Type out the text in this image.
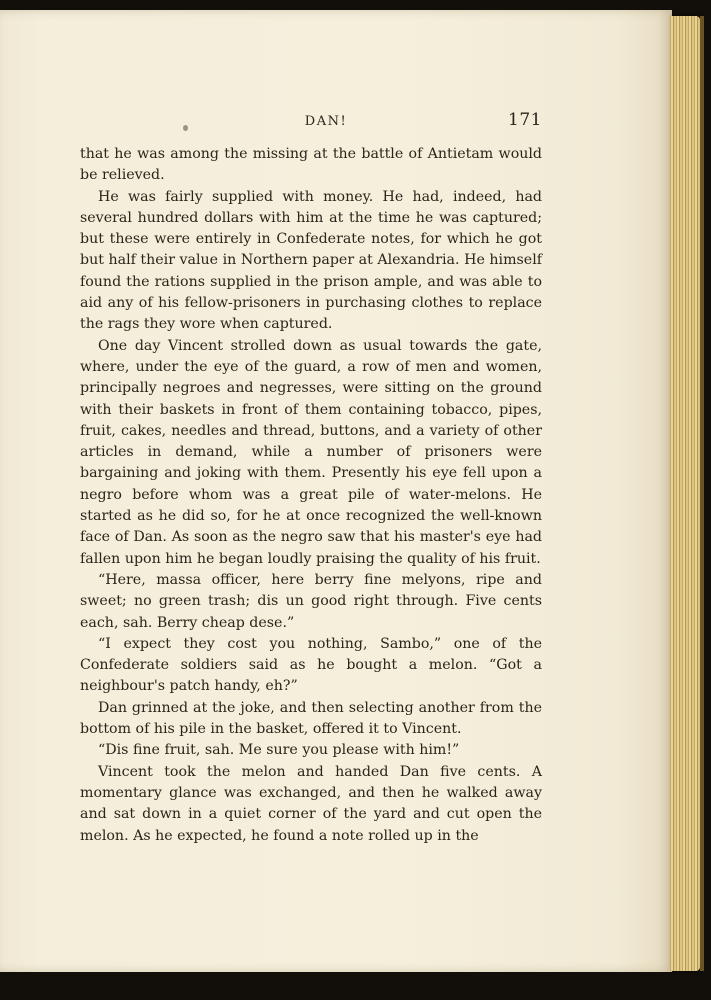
DAN!	171

that he was among the missing at the battle of Antietam would be relieved.

He was fairly supplied with money. He had, indeed, had several hundred dollars with him at the time he was captured; but these were entirely in Confederate notes, for which he got but half their value in Northern paper at Alexandria. He himself found the rations supplied in the prison ample, and was able to aid any of his fellow-prisoners in purchasing clothes to replace the rags they wore when captured.

One day Vincent strolled down as usual towards the gate, where, under the eye of the guard, a row of men and women, principally negroes and negresses, were sitting on the ground with their baskets in front of them containing tobacco, pipes, fruit, cakes, needles and thread, buttons, and a variety of other articles in demand, while a number of prisoners were bargaining and joking with them. Presently his eye fell upon a negro before whom was a great pile of water-melons. He started as he did so, for he at once recognized the well-known face of Dan. As soon as the negro saw that his master's eye had fallen upon him he began loudly praising the quality of his fruit.

“Here, massa officer, here berry fine melyons, ripe and sweet; no green trash; dis un good right through. Five cents each, sah. Berry cheap dese.”

“I expect they cost you nothing, Sambo,” one of the Confederate soldiers said as he bought a melon. “Got a neighbour's patch handy, eh?”

Dan grinned at the joke, and then selecting another from the bottom of his pile in the basket, offered it to Vincent.

“Dis fine fruit, sah. Me sure you please with him!”

Vincent took the melon and handed Dan five cents. A momentary glance was exchanged, and then he walked away and sat down in a quiet corner of the yard and cut open the melon. As he expected, he found a note rolled up in the
